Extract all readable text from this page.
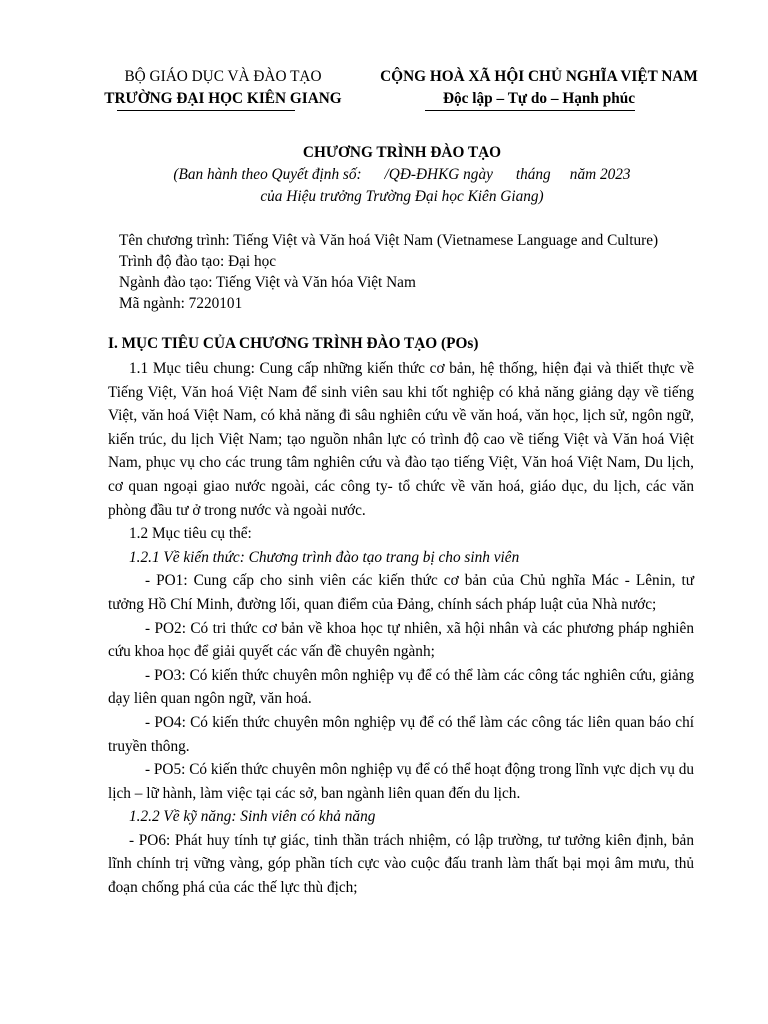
BỘ GIÁO DỤC VÀ ĐÀO TẠO
TRƯỜNG ĐẠI HỌC KIÊN GIANG
CỘNG HOÀ XÃ HỘI CHỦ NGHĨA VIỆT NAM
Độc lập – Tự do – Hạnh phúc
CHƯƠNG TRÌNH ĐÀO TẠO
(Ban hành theo Quyết định số:      /QĐ-ĐHKG ngày      tháng     năm 2023
của Hiệu trưởng Trường Đại học Kiên Giang)
Tên chương trình: Tiếng Việt và Văn hoá Việt Nam (Vietnamese Language and Culture)
Trình độ đào tạo: Đại học
Ngành đào tạo: Tiếng Việt và Văn hóa Việt Nam
Mã ngành: 7220101
I. MỤC TIÊU CỦA CHƯƠNG TRÌNH ĐÀO TẠO (POs)
1.1 Mục tiêu chung: Cung cấp những kiến thức cơ bản, hệ thống, hiện đại và thiết thực về Tiếng Việt, Văn hoá Việt Nam để sinh viên sau khi tốt nghiệp có khả năng giảng dạy về tiếng Việt, văn hoá Việt Nam, có khả năng đi sâu nghiên cứu về văn hoá, văn học, lịch sử, ngôn ngữ, kiến trúc, du lịch Việt Nam; tạo nguồn nhân lực có trình độ cao về tiếng Việt và Văn hoá Việt Nam, phục vụ cho các trung tâm nghiên cứu và đào tạo tiếng Việt, Văn hoá Việt Nam, Du lịch, cơ quan ngoại giao nước ngoài, các công ty- tổ chức về văn hoá, giáo dục, du lịch, các văn phòng đầu tư ở trong nước và ngoài nước.
1.2 Mục tiêu cụ thể:
1.2.1 Về kiến thức: Chương trình đào tạo trang bị cho sinh viên
- PO1: Cung cấp cho sinh viên các kiến thức cơ bản của Chủ nghĩa Mác - Lênin, tư tưởng Hồ Chí Minh, đường lối, quan điểm của Đảng, chính sách pháp luật của Nhà nước;
- PO2: Có tri thức cơ bản về khoa học tự nhiên, xã hội nhân và các phương pháp nghiên cứu khoa học để giải quyết các vấn đề chuyên ngành;
- PO3: Có kiến thức chuyên môn nghiệp vụ để có thể làm các công tác nghiên cứu, giảng dạy liên quan ngôn ngữ, văn hoá.
- PO4: Có kiến thức chuyên môn nghiệp vụ để có thể làm các công tác liên quan báo chí truyền thông.
- PO5: Có kiến thức chuyên môn nghiệp vụ để có thể hoạt động trong lĩnh vực dịch vụ du lịch – lữ hành, làm việc tại các sở, ban ngành liên quan đến du lịch.
1.2.2 Về kỹ năng: Sinh viên có khả năng
- PO6: Phát huy tính tự giác, tinh thần trách nhiệm, có lập trường, tư tưởng kiên định, bản lĩnh chính trị vững vàng, góp phần tích cực vào cuộc đấu tranh làm thất bại mọi âm mưu, thủ đoạn chống phá của các thế lực thù địch;
